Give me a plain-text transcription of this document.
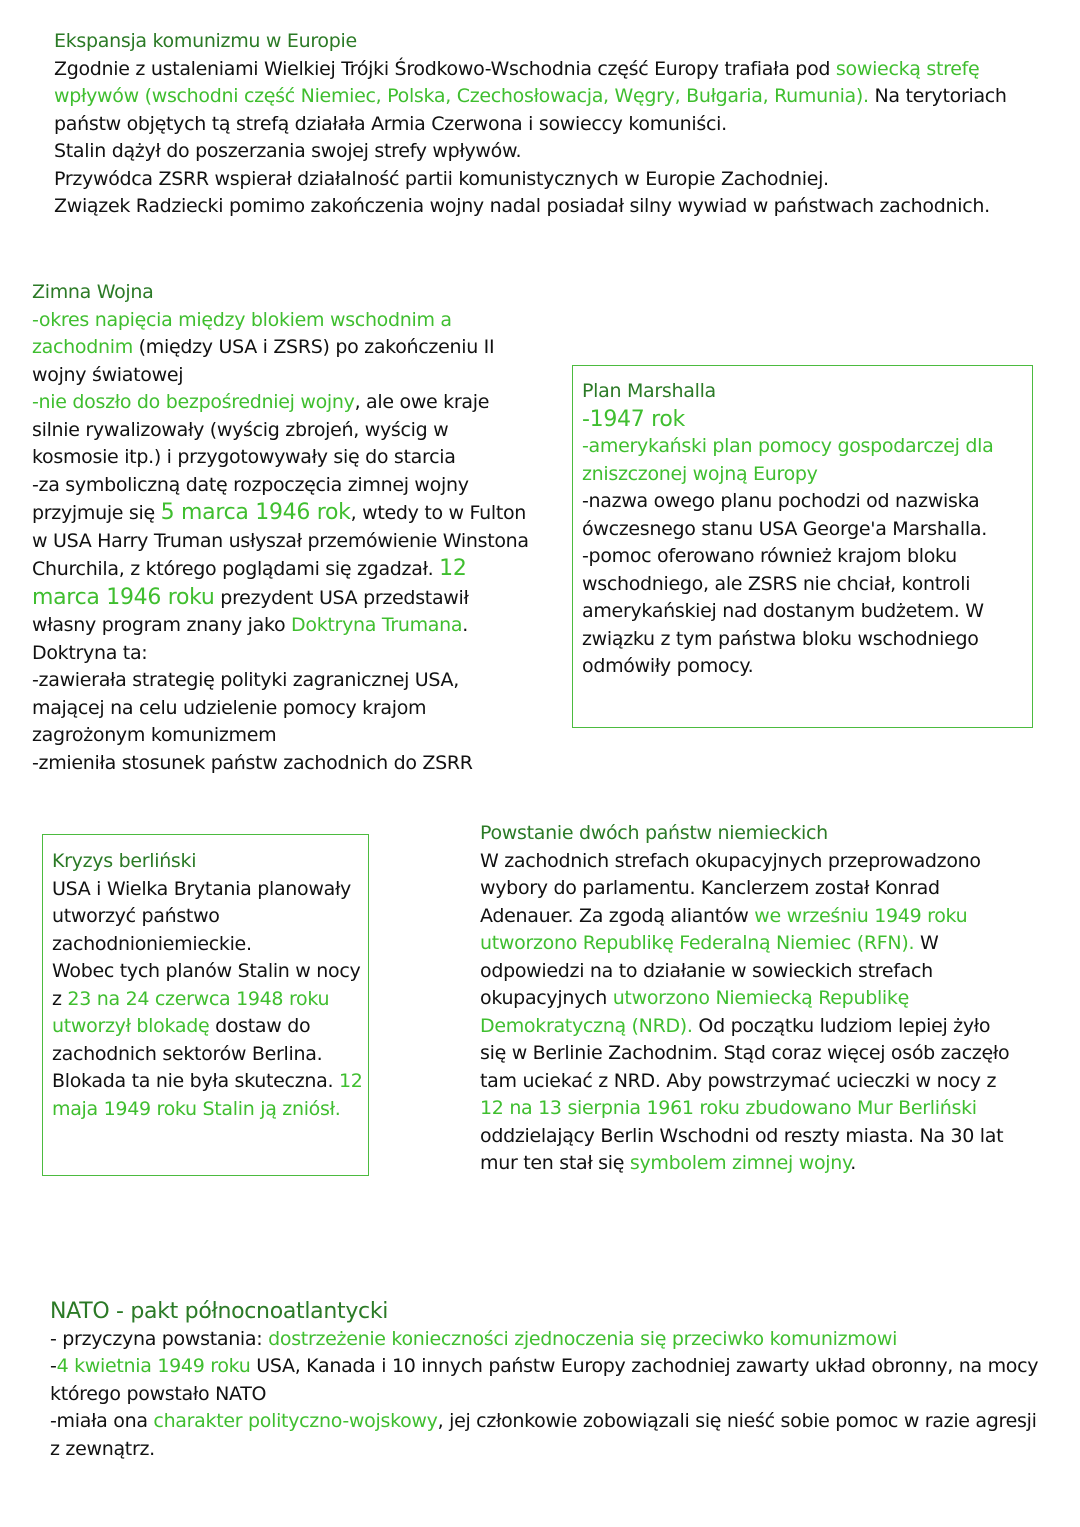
Ekspansja komunizmu w Europie

Zgodnie z ustaleniami Wielkiej Trójki Środkowo-Wschodnia część Europy trafiała pod sowiecką strefę wpływów (wschodni część Niemiec, Polska, Czechosłowacja, Węgry, Bułgaria, Rumunia). Na terytoriach państw objętych tą strefą działała Armia Czerwona i sowieccy komuniści.

Stalin dążył do poszerzania swojej strefy wpływów.

Przywódca ZSRR wspierał działalność partii komunistycznych w Europie Zachodniej.

Związek Radziecki pomimo zakończenia wojny nadal posiadał silny wywiad w państwach zachodnich.

Zimna Wojna

-okres napięcia między blokiem wschodnim a zachodnim (między USA i ZSRS) po zakończeniu II wojny światowej

-nie doszło do bezpośredniej wojny, ale owe kraje silnie rywalizowały (wyścig zbrojeń, wyścig w kosmosie itp.) i przygotowywały się do starcia

-za symboliczną datę rozpoczęcia zimnej wojny przyjmuje się 5 marca 1946 rok, wtedy to w Fulton w USA Harry Truman usłyszał przemówienie Winstona Churchila, z którego poglądami się zgadzał. 12 marca 1946 roku prezydent USA przedstawił własny program znany jako Doktryna Trumana.

Doktryna ta:

-zawierała strategię polityki zagranicznej USA, mającej na celu udzielenie pomocy krajom zagrożonym komunizmem

-zmieniła stosunek państw zachodnich do ZSRR

Plan Marshalla

-1947 rok

-amerykański plan pomocy gospodarczej dla zniszczonej wojną Europy

-nazwa owego planu pochodzi od nazwiska ówczesnego stanu USA George'a Marshalla.

-pomoc oferowano również krajom bloku wschodniego, ale ZSRS nie chciał, kontroli amerykańskiej nad dostanym budżetem. W związku z tym państwa bloku wschodniego odmówiły pomocy.

Kryzys berliński

USA i Wielka Brytania planowały utworzyć państwo zachodnioniemieckie.

Wobec tych planów Stalin w nocy z 23 na 24 czerwca 1948 roku utworzył blokadę dostaw do zachodnich sektorów Berlina.

Blokada ta nie była skuteczna. 12 maja 1949 roku Stalin ją zniósł.

Powstanie dwóch państw niemieckich

W zachodnich strefach okupacyjnych przeprowadzono wybory do parlamentu. Kanclerzem został Konrad Adenauer. Za zgodą aliantów we wrześniu 1949 roku utworzono Republikę Federalną Niemiec (RFN). W odpowiedzi na to działanie w sowieckich strefach okupacyjnych utworzono Niemiecką Republikę Demokratyczną (NRD). Od początku ludziom lepiej żyło się w Berlinie Zachodnim. Stąd coraz więcej osób zaczęło tam uciekać z NRD. Aby powstrzymać ucieczki w nocy z 12 na 13 sierpnia 1961 roku zbudowano Mur Berliński oddzielający Berlin Wschodni od reszty miasta. Na 30 lat mur ten stał się symbolem zimnej wojny.

NATO - pakt północnoatlantycki

- przyczyna powstania: dostrzeżenie konieczności zjednoczenia się przeciwko komunizmowi

-4 kwietnia 1949 roku USA, Kanada i 10 innych państw Europy zachodniej zawarty układ obronny, na mocy którego powstało NATO

-miała ona charakter polityczno-wojskowy, jej członkowie zobowiązali się nieść sobie pomoc w razie agresji z zewnątrz.
